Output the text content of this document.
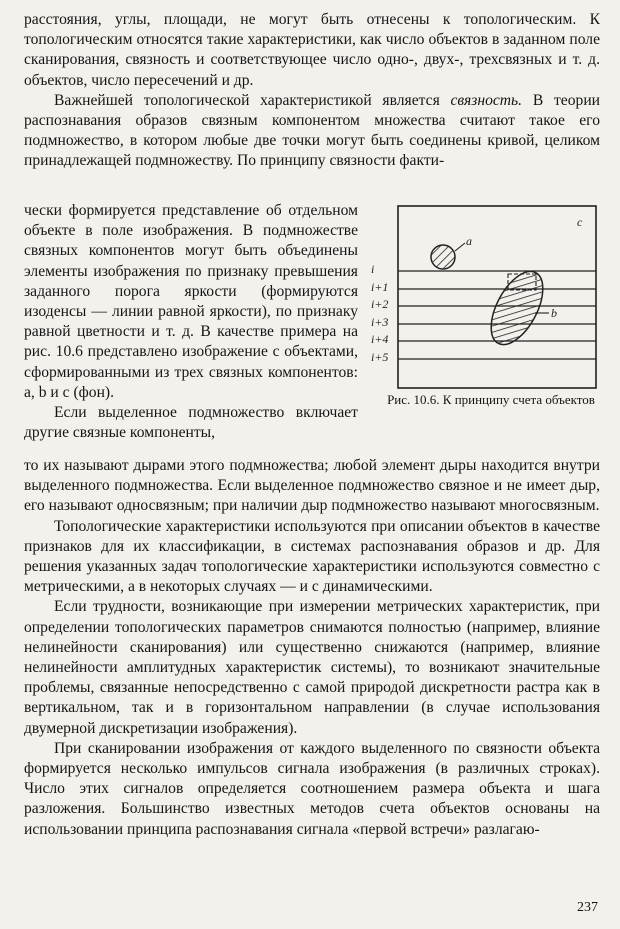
расстояния, углы, площади, не могут быть отнесены к топологическим. К топологическим относятся такие характеристики, как число объектов в заданном поле сканирования, связность и соответствующее число одно-, двух-, трехсвязных и т. д. объектов, число пересечений и др.

Важнейшей топологической характеристикой является связность. В теории распознавания образов связным компонентом множества считают такое его подмножество, в котором любые две точки могут быть соединены кривой, целиком принадлежащей подмножеству. По принципу связности факти-

чески формируется представление об отдельном объекте в поле изображения. В подмножестве связных компонентов могут быть объединены элементы изображения по признаку превышения заданного порога яркости (формируются изоденсы — линии равной яркости), по признаку равной цветности и т. д. В качестве примера на рис. 10.6 представлено изображение с объектами, сформированными из трех связных компонентов: a, b и c (фон).

Если выделенное подмножество включает другие связные компоненты,

то их называют дырами этого подмножества; любой элемент дыры находится внутри выделенного подмножества. Если выделенное подмножество связное и не имеет дыр, его называют односвязным; при наличии дыр подмножество называют многосвязным.

Топологические характеристики используются при описании объектов в качестве признаков для их классификации, в системах распознавания образов и др. Для решения указанных задач топологические характеристики используются совместно с метрическими, а в некоторых случаях — и с динамическими.

Если трудности, возникающие при измерении метрических характеристик, при определении топологических параметров снимаются полностью (например, влияние нелинейности сканирования) или существенно снижаются (например, влияние нелинейности амплитудных характеристик системы), то возникают значительные проблемы, связанные непосредственно с самой природой дискретности растра как в вертикальном, так и в горизонтальном направлении (в случае использования двумерной дискретизации изображения).

При сканировании изображения от каждого выделенного по связности объекта формируется несколько импульсов сигнала изображения (в различных строках). Число этих сигналов определяется соотношением размера объекта и шага разложения. Большинство известных методов счета объектов основаны на использовании принципа распознавания сигнала «первой встречи» разлагаю-

c
a
b
i
i+1
i+2
i+3
i+4
i+5
Рис. 10.6. К принципу счета объектов
237
